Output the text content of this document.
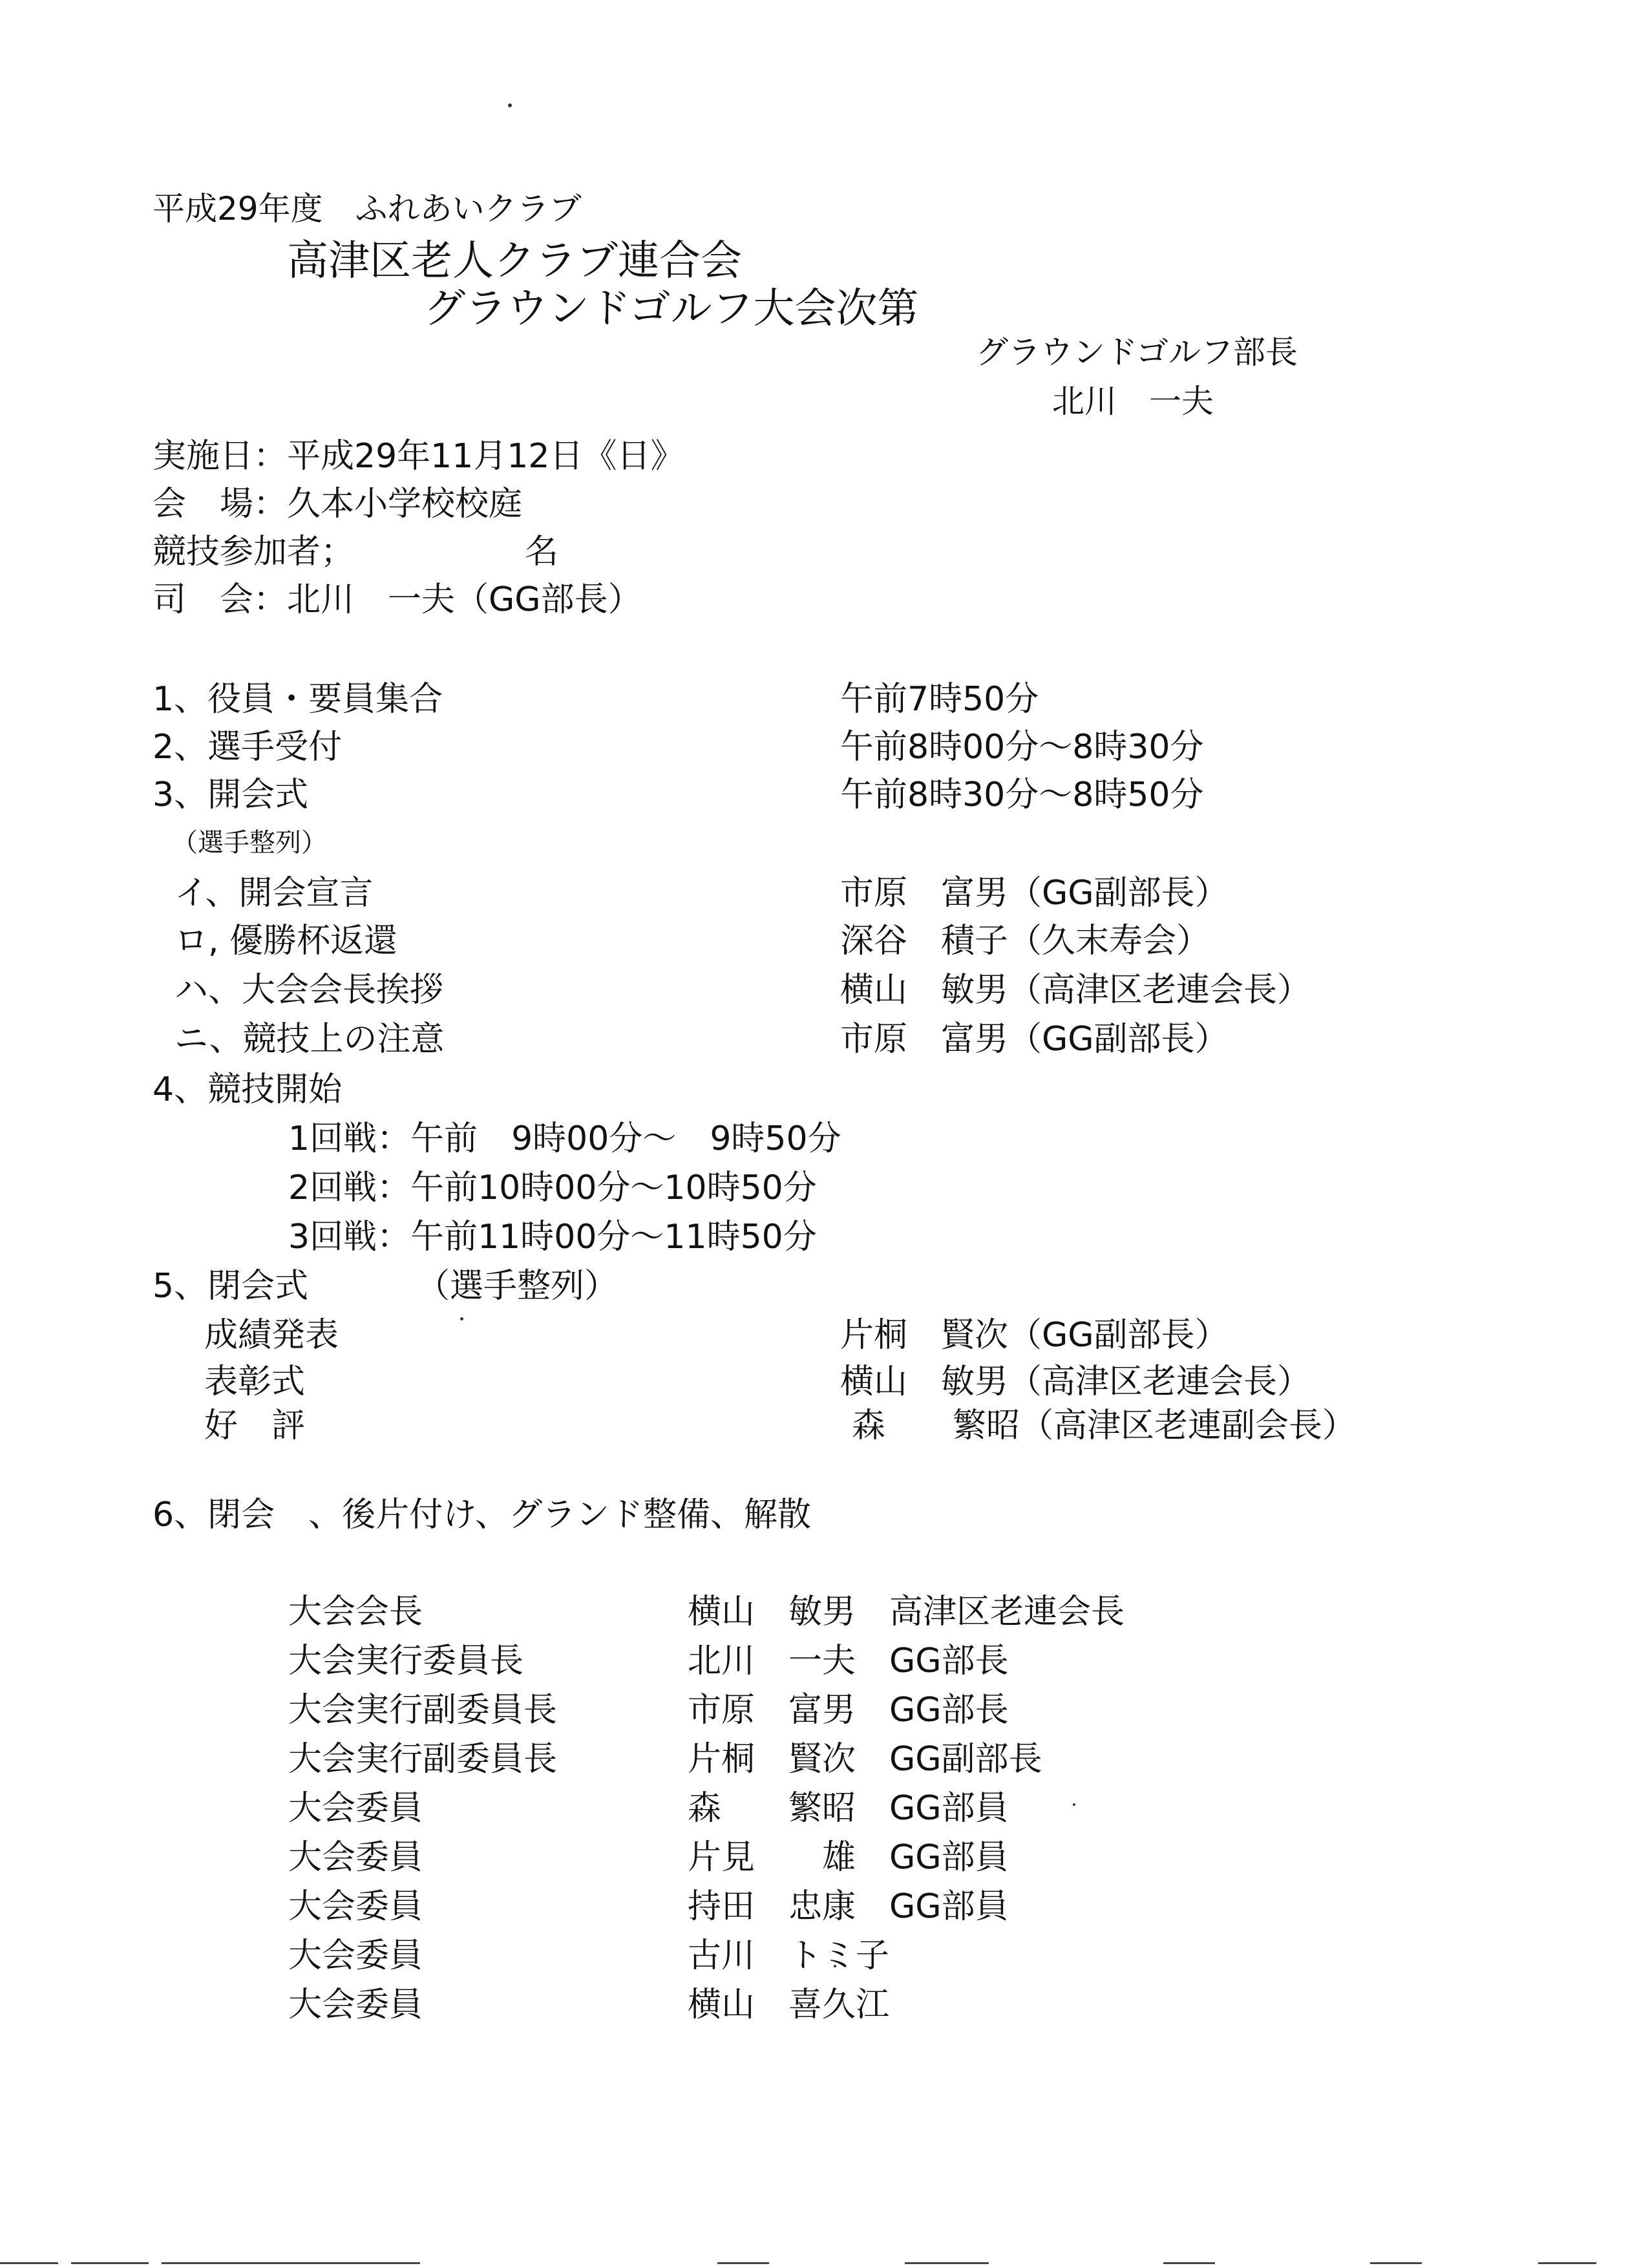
平成29年度　ふれあいクラブ
高津区老人クラブ連合会
グラウンドゴルフ大会次第
グラウンドゴルフ部長
北川　一夫
実施日：平成29年11月12日《日》
会　場：久本小学校校庭
競技参加者；	名
司　会：北川　一夫（GG部長）
1、役員・要員集合	午前7時50分
2、選手受付	午前8時00分～8時30分
3、開会式	午前8時30分～8時50分
（選手整列）
イ、開会宣言	市原　富男（GG副部長）
ロ, 優勝杯返還	深谷　積子（久末寿会）
ハ、大会会長挨拶	横山　敏男（高津区老連会長）
ニ、競技上の注意	市原　富男（GG副部長）
4、競技開始
1回戦：午前　9時00分～　9時50分
2回戦：午前10時00分～10時50分
3回戦：午前11時00分～11時50分
5、閉会式	（選手整列）
成績発表	片桐　賢次（GG副部長）
表彰式	横山　敏男（高津区老連会長）
好　評	森　　繁昭（高津区老連副会長）
6、閉会　、後片付け、グランド整備、解散
大会会長	横山　敏男 高津区老連会長
大会実行委員長	北川　一夫 GG部長
大会実行副委員長	市原　富男 GG部長
大会実行副委員長	片桐　賢次 GG副部長
大会委員	森　　繁昭 GG部員
大会委員	片見　　雄 GG部員
大会委員	持田　忠康 GG部員
大会委員	古川　トミ子
大会委員	横山　喜久江
